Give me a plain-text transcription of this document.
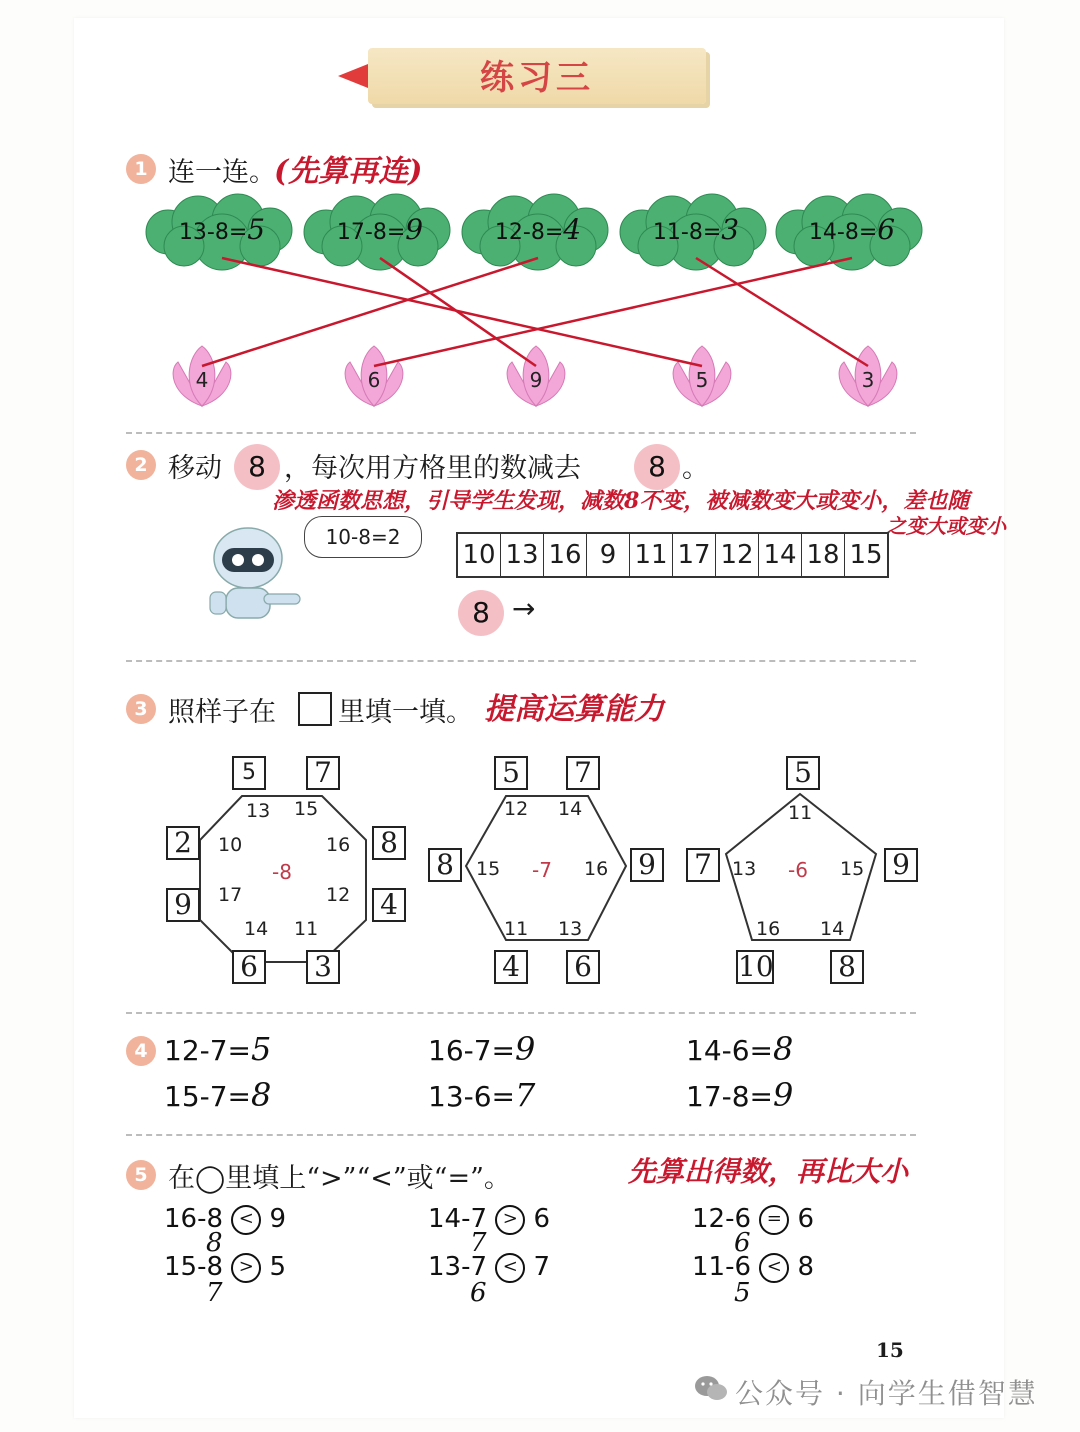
练习三
1 连一连。
(先算再连)
13-8=5	17-8=9	12-8=4	11-8=3	14-8=6
4	6	9	5	3
2 移动 8 ，每次用方格里的数减去	8 。
渗透函数思想，引导学生发现，减数8不变，被减数变大或变小，差也随
之变大或变小
10-8=2
10 13 16 9 11 17 12 14 18 15
8 →
3 照样子在 里填一填。 提高运算能力
-8
13 15
16
12
11
14
17
10
5	7
8
4
3
6
9
2
-7
12 14
16
13
11
15
5 7
9
6
4
8	-6
11
15
14
16
13
5
9
8
10
7
4 12-7=5	16-7=9	14-6=8
15-7=8	13-6=7	17-8=9
5 在◯里填上“>”“<”或“=”。	先算出得数，再比大小
16-8 < 9
8
14-7 > 6
7
12-6 = 6
6
15-8 > 5
7
13-7 < 7
6
11-6 < 8
5
15
公众号 · 向学生借智慧
